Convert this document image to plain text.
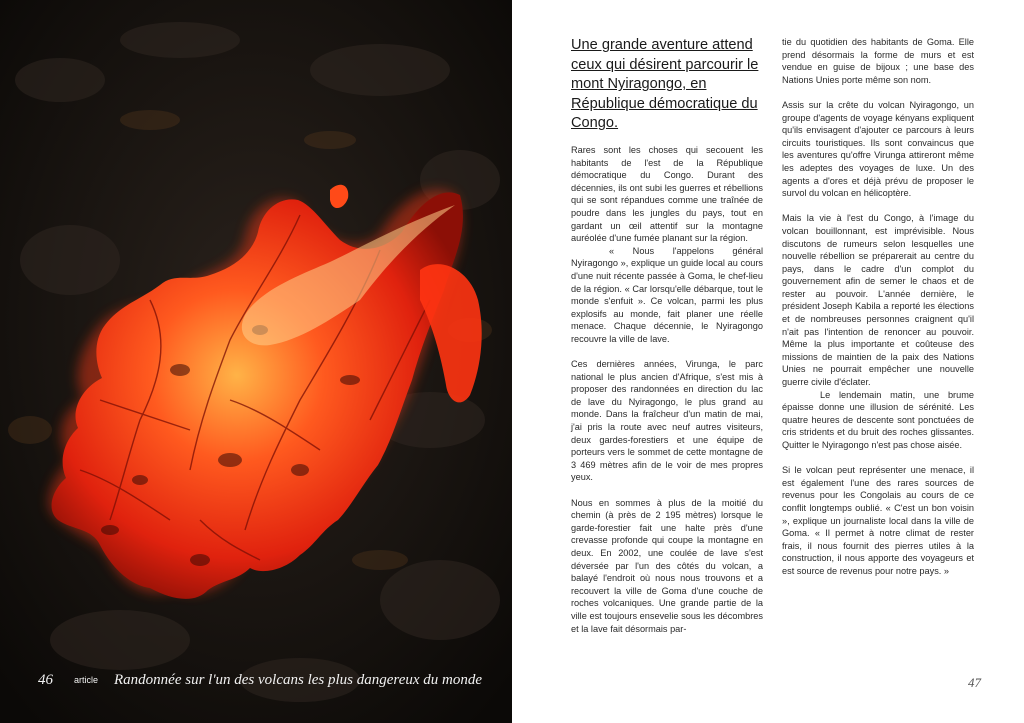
46 article Randonnée sur l'un des volcans les plus dangereux du monde
Une grande aventure attend ceux qui désirent parcourir le mont Nyiragongo, en République démocratique du Congo.

Rares sont les choses qui secouent les habitants de l'est de la République démocratique du Congo. Durant des décennies, ils ont subi les guerres et rébellions qui se sont répandues comme une traînée de poudre dans les jungles du pays, tout en gardant un œil attentif sur la montagne auréolée d'une fumée planant sur la région.

« Nous l'appelons général Nyiragongo », explique un guide local au cours d'une nuit récente passée à Goma, le chef-lieu de la région. « Car lorsqu'elle débarque, tout le monde s'enfuit ». Ce volcan, parmi les plus explosifs au monde, fait planer une réelle menace. Chaque décennie, le Nyiragongo recouvre la ville de lave.

Ces dernières années, Virunga, le parc national le plus ancien d'Afrique, s'est mis à proposer des randonnées en direction du lac de lave du Nyiragongo, le plus grand au monde. Dans la fraîcheur d'un matin de mai, j'ai pris la route avec neuf autres visiteurs, deux gardes-forestiers et une équipe de porteurs vers le sommet de cette montagne de 3 469 mètres afin de le voir de mes propres yeux.

Nous en sommes à plus de la moitié du chemin (à près de 2 195 mètres) lorsque le garde-forestier fait une halte près d'une crevasse profonde qui coupe la montagne en deux. En 2002, une coulée de lave s'est déversée par l'un des côtés du volcan, a balayé l'endroit où nous nous trouvons et a recouvert la ville de Goma d'une couche de roches volcaniques. Une grande partie de la ville est toujours ensevelie sous les décombres et la lave fait désormais par-

tie du quotidien des habitants de Goma. Elle prend désormais la forme de murs et est vendue en guise de bijoux ; une base des Nations Unies porte même son nom.

Assis sur la crête du volcan Nyiragongo, un groupe d'agents de voyage kényans expliquent qu'ils envisagent d'ajouter ce parcours à leurs circuits touristiques. Ils sont convaincus que les aventures qu'offre Virunga attireront même les adeptes des voyages de luxe. Un des agents a d'ores et déjà prévu de proposer le survol du volcan en hélicoptère.

Mais la vie à l'est du Congo, à l'image du volcan bouillonnant, est imprévisible. Nous discutons de rumeurs selon lesquelles une nouvelle rébellion se préparerait au centre du pays, dans le cadre d'un complot du gouvernement afin de semer le chaos et de rester au pouvoir. L'année dernière, le président Joseph Kabila a reporté les élections et de nombreuses personnes craignent qu'il n'ait pas l'intention de renoncer au pouvoir. Même la plus importante et coûteuse des missions de maintien de la paix des Nations Unies ne pourrait empêcher une nouvelle guerre civile d'éclater.

Le lendemain matin, une brume épaisse donne une illusion de sérénité. Les quatre heures de descente sont ponctuées de cris stridents et du bruit des roches glissantes. Quitter le Nyiragongo n'est pas chose aisée.

Si le volcan peut représenter une menace, il est également l'une des rares sources de revenus pour les Congolais au cours de ce conflit longtemps oublié. « C'est un bon voisin », explique un journaliste local dans la ville de Goma. « Il permet à notre climat de rester frais, il nous fournit des pierres utiles à la construction, il nous apporte des voyageurs et est source de revenus pour notre pays. »

47
